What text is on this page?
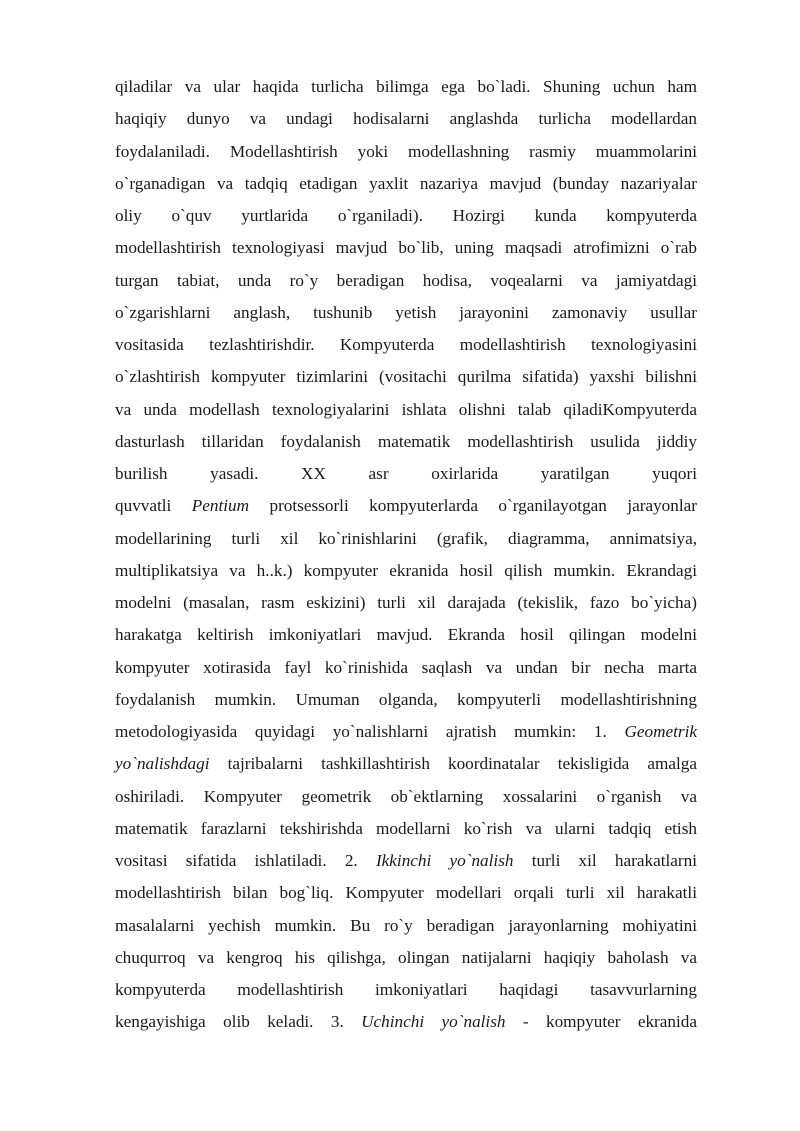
qiladilar va ular haqida turlicha bilimga ega bo`ladi. Shuning uchun ham
haqiqiy dunyo va undagi hodisalarni anglashda turlicha modellardan
foydalaniladi. Modellashtirish yoki modellashning rasmiy muammolarini
o`rganadigan va tadqiq etadigan yaxlit nazariya mavjud (bunday nazariyalar
oliy o`quv yurtlarida o`rganiladi). Hozirgi kunda kompyuterda
modellashtirish texnologiyasi mavjud bo`lib, uning maqsadi atrofimizni o`rab
turgan tabiat, unda ro`y beradigan hodisa, voqealarni va jamiyatdagi
o`zgarishlarni anglash, tushunib yetish jarayonini zamonaviy usullar
vositasida tezlashtirishdir. Kompyuterda modellashtirish texnologiyasini
o`zlashtirish kompyuter tizimlarini (vositachi qurilma sifatida) yaxshi bilishni
va unda modellash texnologiyalarini ishlata olishni talab qiladiKompyuterda
dasturlash tillaridan foydalanish matematik modellashtirish usulida jiddiy
burilish yasadi. XX asr oxirlarida yaratilgan yuqori
quvvatli Pentium protsessorli kompyuterlarda o`rganilayotgan jarayonlar
modellarining turli xil ko`rinishlarini (grafik, diagramma, annimatsiya,
multiplikatsiya va h..k.) kompyuter ekranida hosil qilish mumkin. Ekrandagi
modelni (masalan, rasm eskizini) turli xil darajada (tekislik, fazo bo`yicha)
harakatga keltirish imkoniyatlari mavjud. Ekranda hosil qilingan modelni
kompyuter xotirasida fayl ko`rinishida saqlash va undan bir necha marta
foydalanish mumkin. Umuman olganda, kompyuterli modellashtirishning
metodologiyasida quyidagi yo`nalishlarni ajratish mumkin: 1. Geometrik
yo`nalishdagi tajribalarni tashkillashtirish koordinatalar tekisligida amalga
oshiriladi. Kompyuter geometrik ob`ektlarning xossalarini o`rganish va
matematik farazlarni tekshirishda modellarni ko`rish va ularni tadqiq etish
vositasi sifatida ishlatiladi. 2. Ikkinchi yo`nalish turli xil harakatlarni
modellashtirish bilan bog`liq. Kompyuter modellari orqali turli xil harakatli
masalalarni yechish mumkin. Bu ro`y beradigan jarayonlarning mohiyatini
chuqurroq va kengroq his qilishga, olingan natijalarni haqiqiy baholash va
kompyuterda modellashtirish imkoniyatlari haqidagi tasavvurlarning
kengayishiga olib keladi. 3. Uchinchi yo`nalish - kompyuter ekranida
